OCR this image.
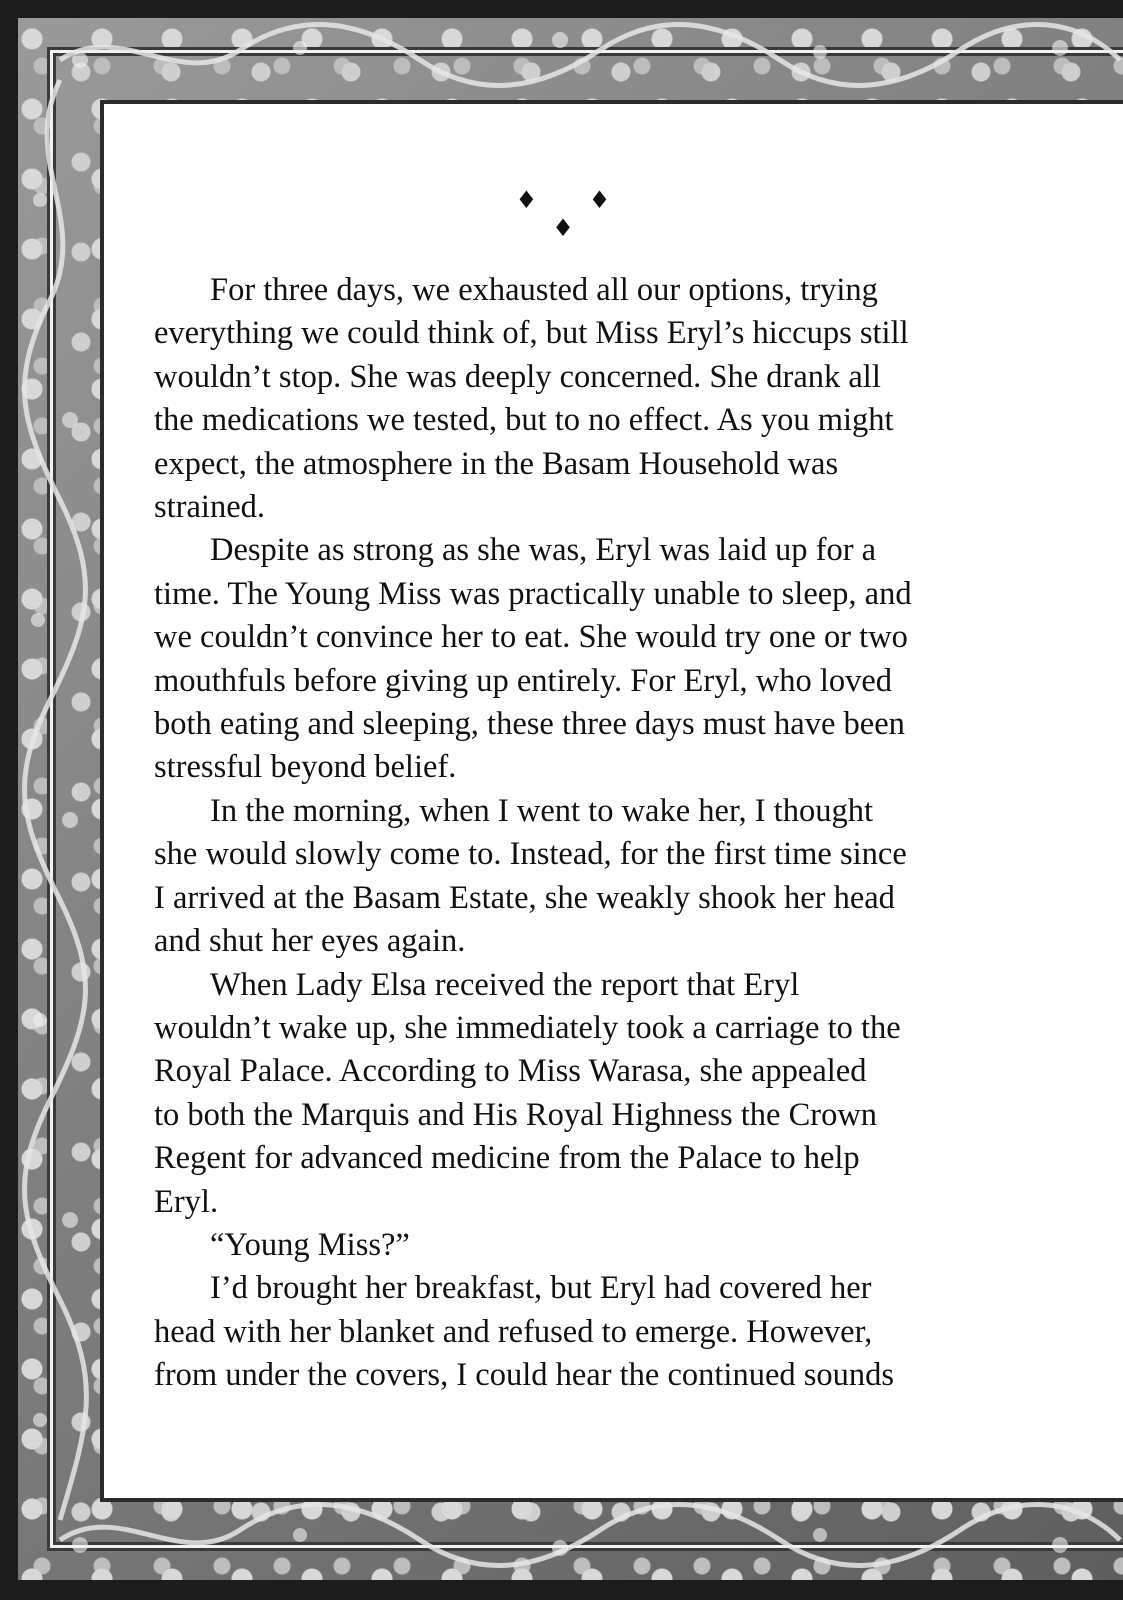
♦ ♦ ♦

For three days, we exhausted all our options, trying
everything we could think of, but Miss Eryl’s hiccups still
wouldn’t stop. She was deeply concerned. She drank all
the medications we tested, but to no effect. As you might
expect, the atmosphere in the Basam Household was
strained.

Despite as strong as she was, Eryl was laid up for a
time. The Young Miss was practically unable to sleep, and
we couldn’t convince her to eat. She would try one or two
mouthfuls before giving up entirely. For Eryl, who loved
both eating and sleeping, these three days must have been
stressful beyond belief.

In the morning, when I went to wake her, I thought
she would slowly come to. Instead, for the first time since
I arrived at the Basam Estate, she weakly shook her head
and shut her eyes again.

When Lady Elsa received the report that Eryl
wouldn’t wake up, she immediately took a carriage to the
Royal Palace. According to Miss Warasa, she appealed
to both the Marquis and His Royal Highness the Crown
Regent for advanced medicine from the Palace to help
Eryl.

“Young Miss?”

I’d brought her breakfast, but Eryl had covered her
head with her blanket and refused to emerge. However,
from under the covers, I could hear the continued sounds
